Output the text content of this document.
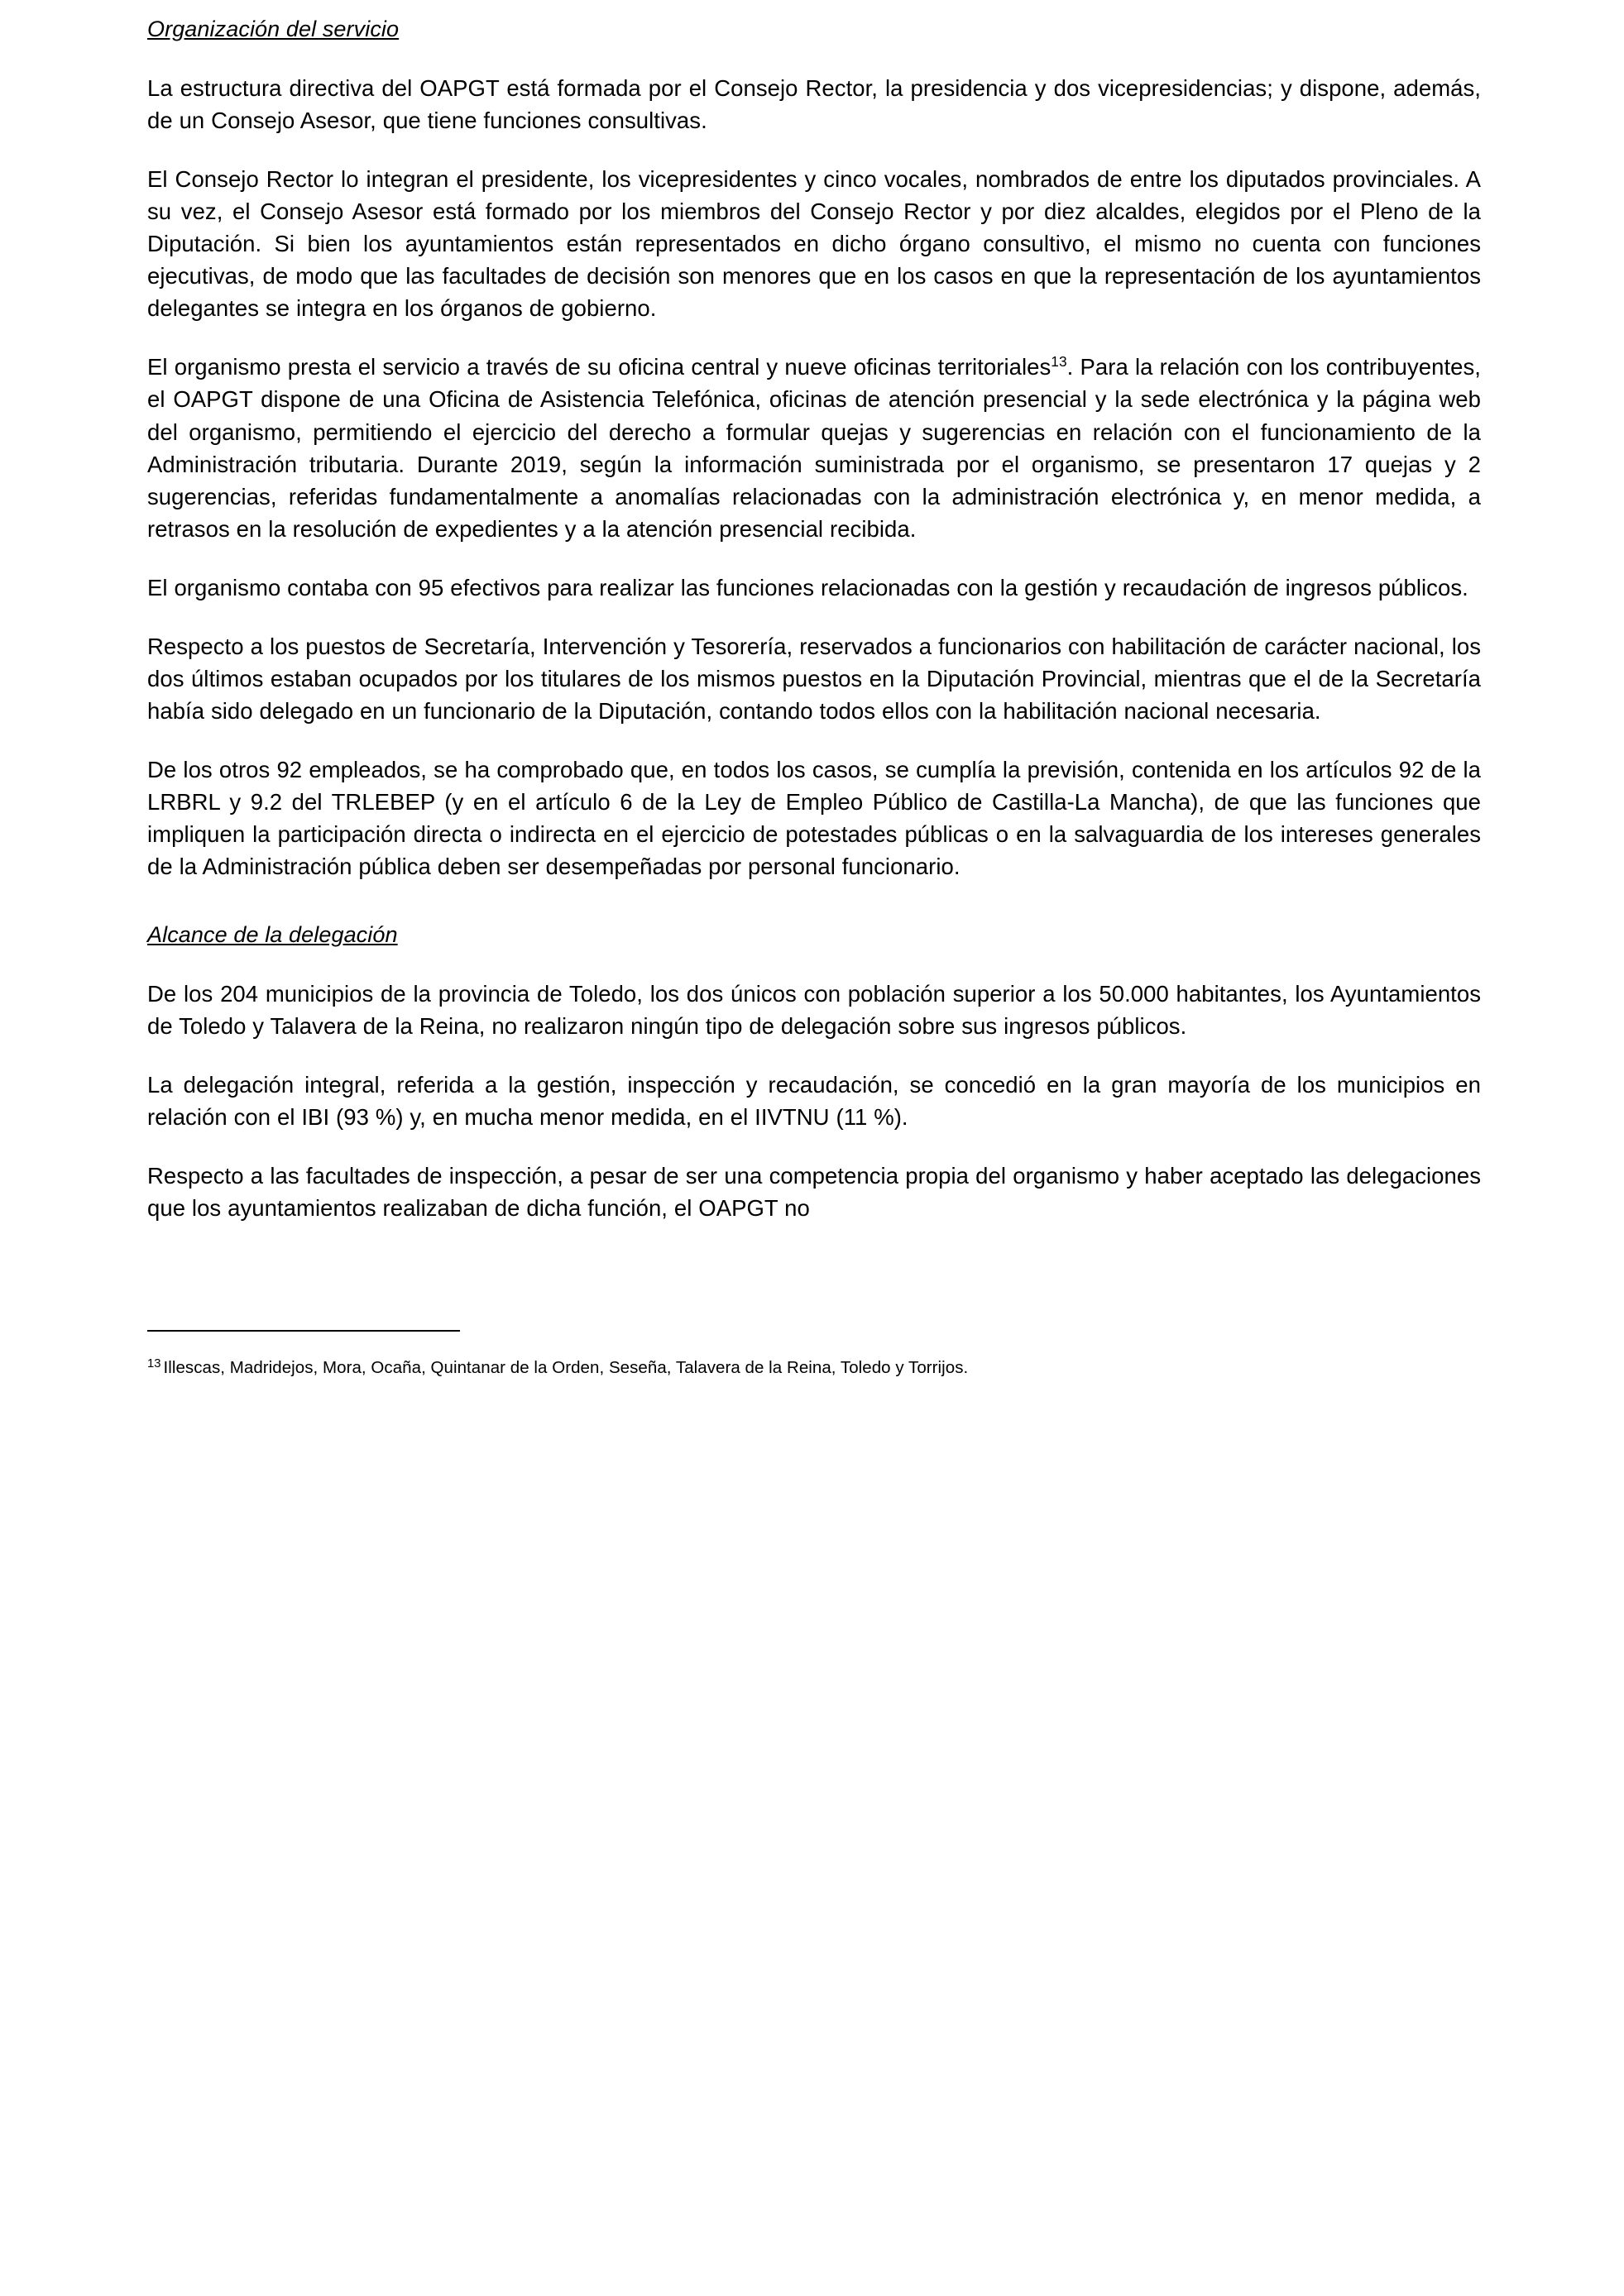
Organización del servicio

La estructura directiva del OAPGT está formada por el Consejo Rector, la presidencia y dos vicepresidencias; y dispone, además, de un Consejo Asesor, que tiene funciones consultivas.

El Consejo Rector lo integran el presidente, los vicepresidentes y cinco vocales, nombrados de entre los diputados provinciales. A su vez, el Consejo Asesor está formado por los miembros del Consejo Rector y por diez alcaldes, elegidos por el Pleno de la Diputación. Si bien los ayuntamientos están representados en dicho órgano consultivo, el mismo no cuenta con funciones ejecutivas, de modo que las facultades de decisión son menores que en los casos en que la representación de los ayuntamientos delegantes se integra en los órganos de gobierno.

El organismo presta el servicio a través de su oficina central y nueve oficinas territoriales$^{13}$. Para la relación con los contribuyentes, el OAPGT dispone de una Oficina de Asistencia Telefónica, oficinas de atención presencial y la sede electrónica y la página web del organismo, permitiendo el ejercicio del derecho a formular quejas y sugerencias en relación con el funcionamiento de la Administración tributaria. Durante 2019, según la información suministrada por el organismo, se presentaron 17 quejas y 2 sugerencias, referidas fundamentalmente a anomalías relacionadas con la administración electrónica y, en menor medida, a retrasos en la resolución de expedientes y a la atención presencial recibida.

El organismo contaba con 95 efectivos para realizar las funciones relacionadas con la gestión y recaudación de ingresos públicos.

Respecto a los puestos de Secretaría, Intervención y Tesorería, reservados a funcionarios con habilitación de carácter nacional, los dos últimos estaban ocupados por los titulares de los mismos puestos en la Diputación Provincial, mientras que el de la Secretaría había sido delegado en un funcionario de la Diputación, contando todos ellos con la habilitación nacional necesaria.

De los otros 92 empleados, se ha comprobado que, en todos los casos, se cumplía la previsión, contenida en los artículos 92 de la LRBRL y 9.2 del TRLEBEP (y en el artículo 6 de la Ley de Empleo Público de Castilla-La Mancha), de que las funciones que impliquen la participación directa o indirecta en el ejercicio de potestades públicas o en la salvaguardia de los intereses generales de la Administración pública deben ser desempeñadas por personal funcionario.

Alcance de la delegación

De los 204 municipios de la provincia de Toledo, los dos únicos con población superior a los 50.000 habitantes, los Ayuntamientos de Toledo y Talavera de la Reina, no realizaron ningún tipo de delegación sobre sus ingresos públicos.

La delegación integral, referida a la gestión, inspección y recaudación, se concedió en la gran mayoría de los municipios en relación con el IBI (93 %) y, en mucha menor medida, en el IIVTNU (11 %).

Respecto a las facultades de inspección, a pesar de ser una competencia propia del organismo y haber aceptado las delegaciones que los ayuntamientos realizaban de dicha función, el OAPGT no

$^{13}$ Illescas, Madridejos, Mora, Ocaña, Quintanar de la Orden, Seseña, Talavera de la Reina, Toledo y Torrijos.
